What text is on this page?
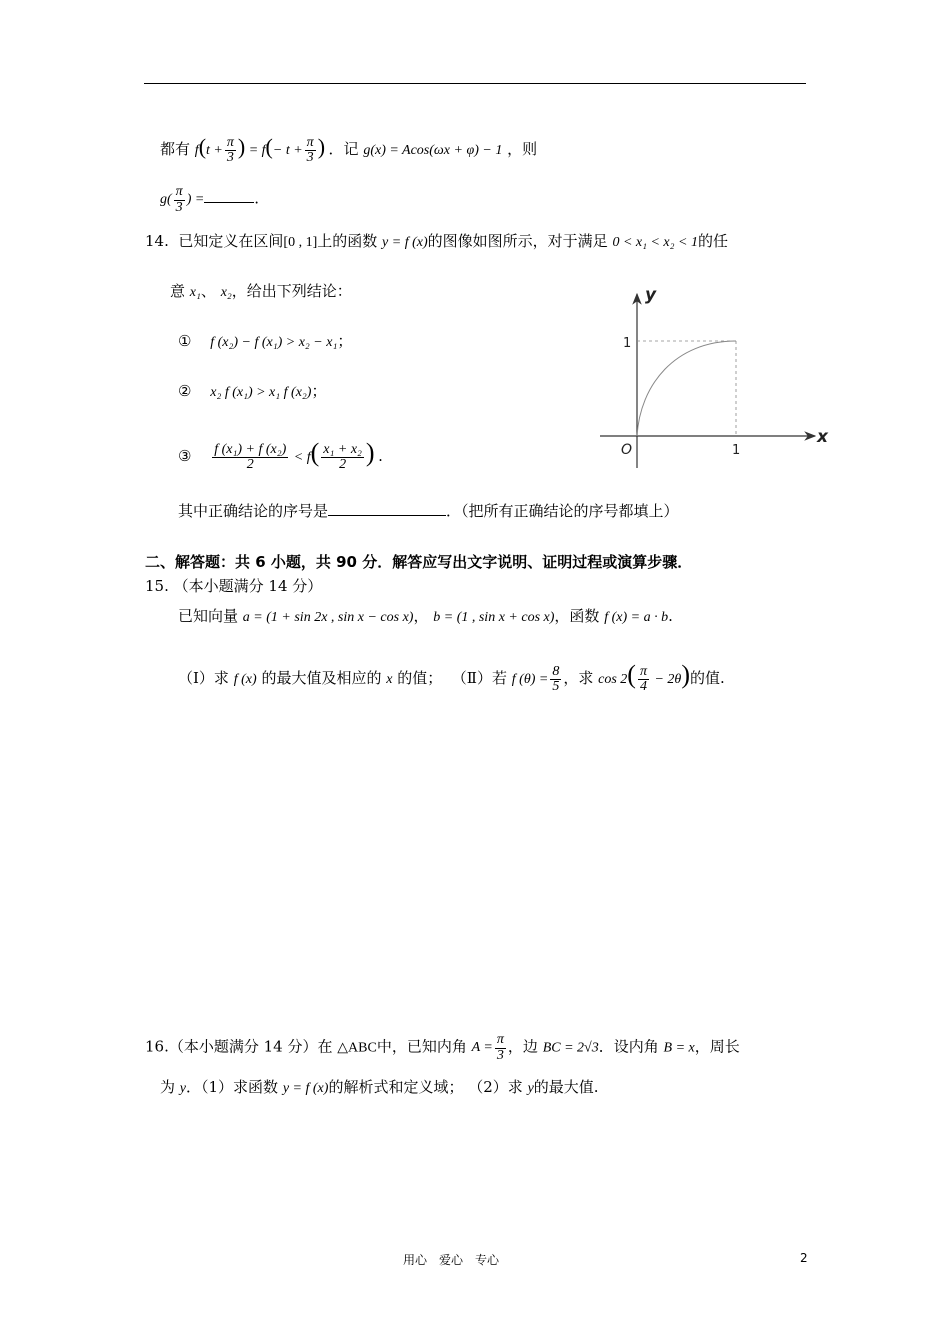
都有 $f(t + \frac{\pi}{3}$ ) = $f(- t + \frac{\pi}{3}$ ) ．记 g(x) = Acos(ωx + φ) − 1 ，则
$g( \frac{\pi}{3}$ ) =	.
14. 已知定义在区间[0 , 1]上的函数 y = f (x)的图像如图所示，对于满足 0 < x₁ < x₂ < 1的任
意 x₁、 x₂，给出下列结论：
① f (x₂) − f (x₁) > x₂ − x₁；
② x₂ f (x₁) > x₁ f (x₂)；
③ $\frac{\text{f (x₁) + f (x₂)}}{2} < f( \frac{\text{x₁ + x₂}}{2}$ ) .
其中正确结论的序号是	．（把所有正确结论的序号都填上）
y
x
O
1
1
二、解答题：共 6 小题，共 90 分．解答应写出文字说明、证明过程或演算步骤．
15. （本小题满分 14 分）
已知向量 a = (1 + sin 2x , sin x − cos x)， b = (1 , sin x + cos x)，函数 f (x) = a · b.
（Ⅰ）求 f (x) 的最大值及相应的 x 的值； （Ⅱ）若 f $(\theta) = \frac{8}{5}$ ，求 $\cos 2( \frac{\pi}{4} - 2\theta)$的值.
16.（本小题满分 14 分）在 △ABC中，已知内角 $A = \frac{\pi}{3}$ ，边 BC = 2√3．设内角 B = x，周长
为 y．（1）求函数 y = f (x)的解析式和定义域； （2）求 y的最大值.
用心　爱心　专心	2
